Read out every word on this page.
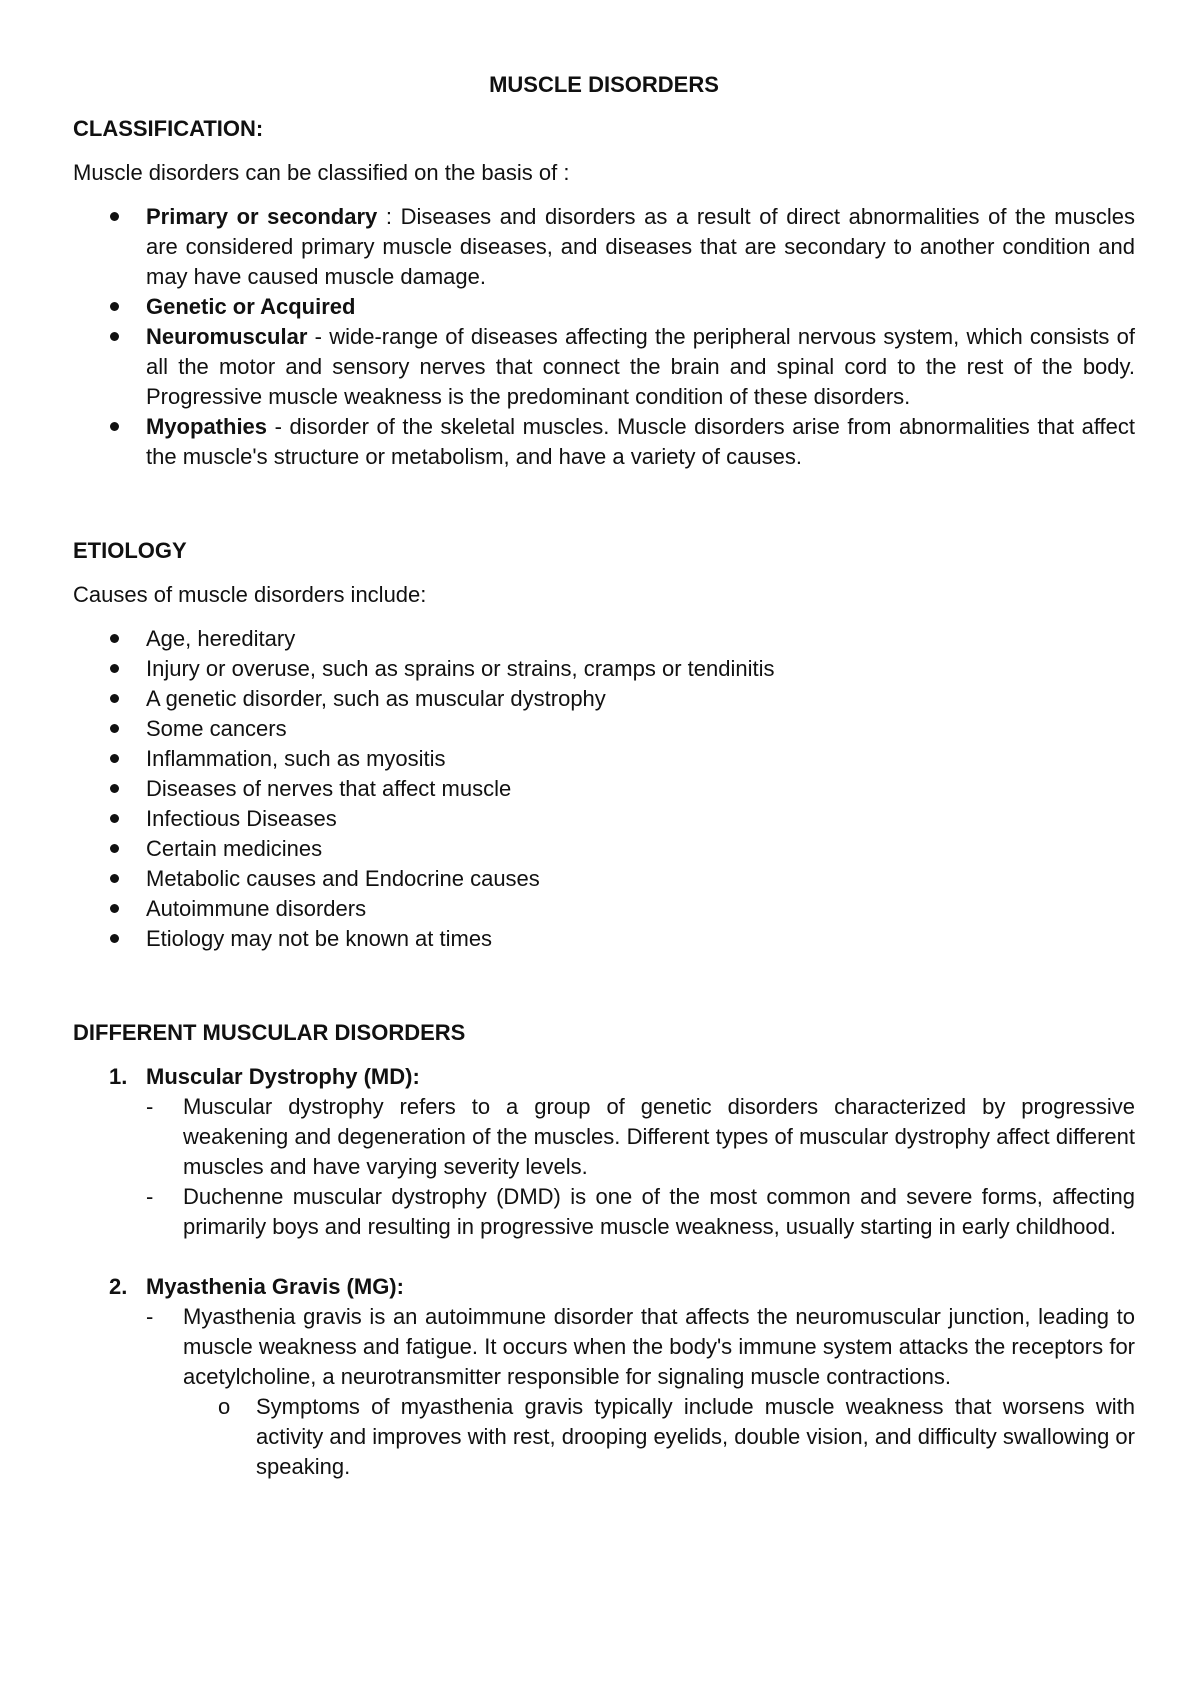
MUSCLE DISORDERS
CLASSIFICATION:

Muscle disorders can be classified on the basis of :

Primary or secondary : Diseases and disorders as a result of direct abnormalities of the muscles are considered primary muscle diseases, and diseases that are secondary to another condition and may have caused muscle damage.
Genetic or Acquired
Neuromuscular - wide-range of diseases affecting the peripheral nervous system, which consists of all the motor and sensory nerves that connect the brain and spinal cord to the rest of the body. Progressive muscle weakness is the predominant condition of these disorders.
Myopathies - disorder of the skeletal muscles. Muscle disorders arise from abnormalities that affect the muscle's structure or metabolism, and have a variety of causes.
ETIOLOGY

Causes of muscle disorders include:

Age, hereditary
Injury or overuse, such as sprains or strains, cramps or tendinitis
A genetic disorder, such as muscular dystrophy
Some cancers
Inflammation, such as myositis
Diseases of nerves that affect muscle
Infectious Diseases
Certain medicines
Metabolic causes and Endocrine causes
Autoimmune disorders
Etiology may not be known at times
DIFFERENT MUSCULAR DISORDERS
1. Muscular Dystrophy (MD):
- Muscular dystrophy refers to a group of genetic disorders characterized by progressive weakening and degeneration of the muscles. Different types of muscular dystrophy affect different muscles and have varying severity levels.
- Duchenne muscular dystrophy (DMD) is one of the most common and severe forms, affecting primarily boys and resulting in progressive muscle weakness, usually starting in early childhood.
2. Myasthenia Gravis (MG):
- Myasthenia gravis is an autoimmune disorder that affects the neuromuscular junction, leading to muscle weakness and fatigue. It occurs when the body's immune system attacks the receptors for acetylcholine, a neurotransmitter responsible for signaling muscle contractions.
o Symptoms of myasthenia gravis typically include muscle weakness that worsens with activity and improves with rest, drooping eyelids, double vision, and difficulty swallowing or speaking.
